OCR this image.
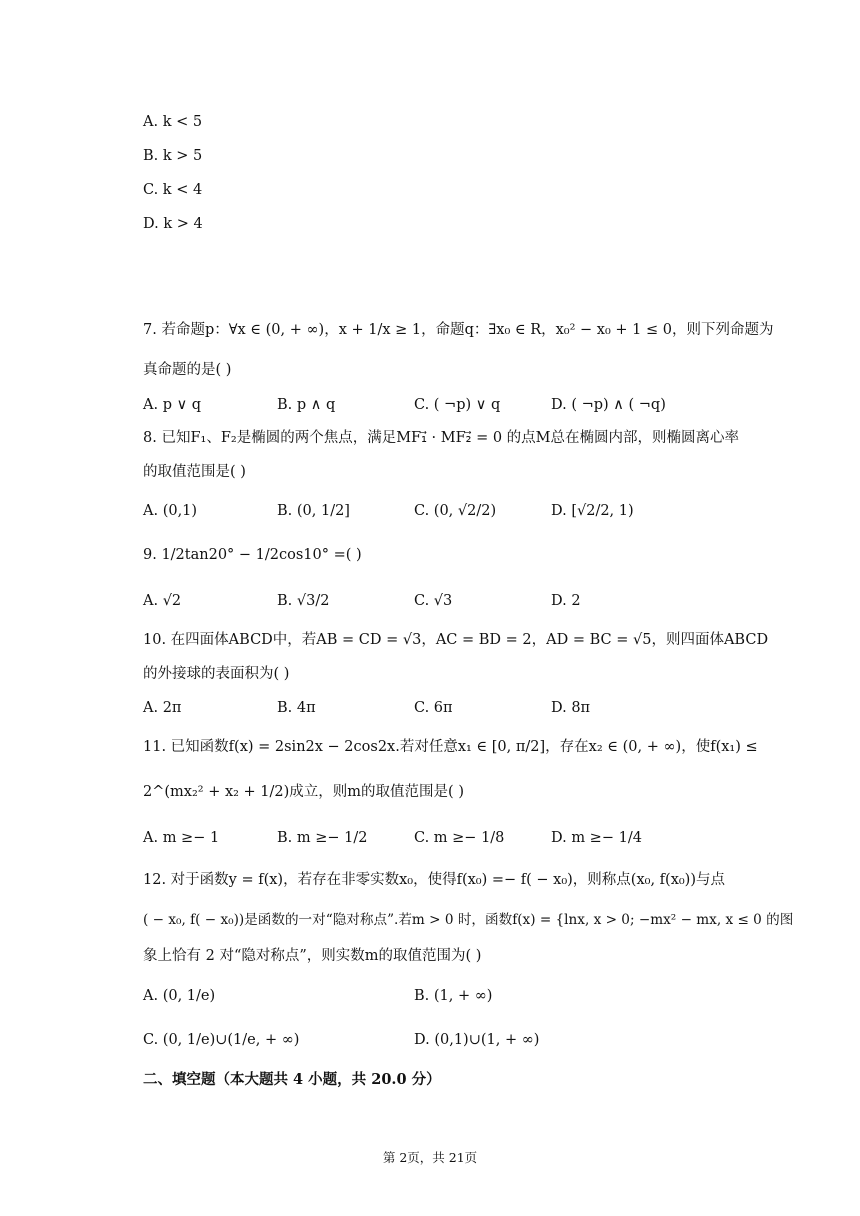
A. k < 5
B. k > 5
C. k < 4
D. k > 4
7. 若命题p：∀x ∈ (0, + ∞)，x + 1/x ≥ 1，命题q：∃x₀ ∈ R，x₀² − x₀ + 1 ≤ 0，则下列命题为
真命题的是( )
A. p ∨ q	B. p ∧ q	C. ( ¬p) ∨ q	D. ( ¬p) ∧ ( ¬q)
8. 已知F₁、F₂是椭圆的两个焦点，满足MF₁⃗ · MF₂⃗ = 0 的点M总在椭圆内部，则椭圆离心率
的取值范围是( )
A. (0,1)	B. (0, 1/2]	C. (0, √2/2)	D. [√2/2, 1)
9. 1/2tan20° − 1/2cos10° =( )
A. √2	B. √3/2	C. √3	D. 2
10. 在四面体ABCD中，若AB = CD = √3，AC = BD = 2，AD = BC = √5，则四面体ABCD
的外接球的表面积为( )
A. 2π	B. 4π	C. 6π	D. 8π
11. 已知函数f(x) = 2sin2x − 2cos2x.若对任意x₁ ∈ [0, π/2]，存在x₂ ∈ (0, + ∞)，使f(x₁) ≤
2^(mx₂² + x₂ + 1/2)成立，则m的取值范围是( )
A. m ≥− 1	B. m ≥− 1/2	C. m ≥− 1/8	D. m ≥− 1/4
12. 对于函数y = f(x)，若存在非零实数x₀，使得f(x₀) =− f( − x₀)，则称点(x₀, f(x₀))与点
( − x₀, f( − x₀))是函数的一对“隐对称点”.若m > 0 时，函数f(x) = {lnx, x > 0; −mx² − mx, x ≤ 0 的图
象上恰有 2 对“隐对称点”，则实数m的取值范围为( )
A. (0, 1/e)	B. (1, + ∞)
C. (0, 1/e)∪(1/e, + ∞)	D. (0,1)∪(1, + ∞)
二、填空题（本大题共 4 小题，共 20.0 分）
第 2页，共 21页
